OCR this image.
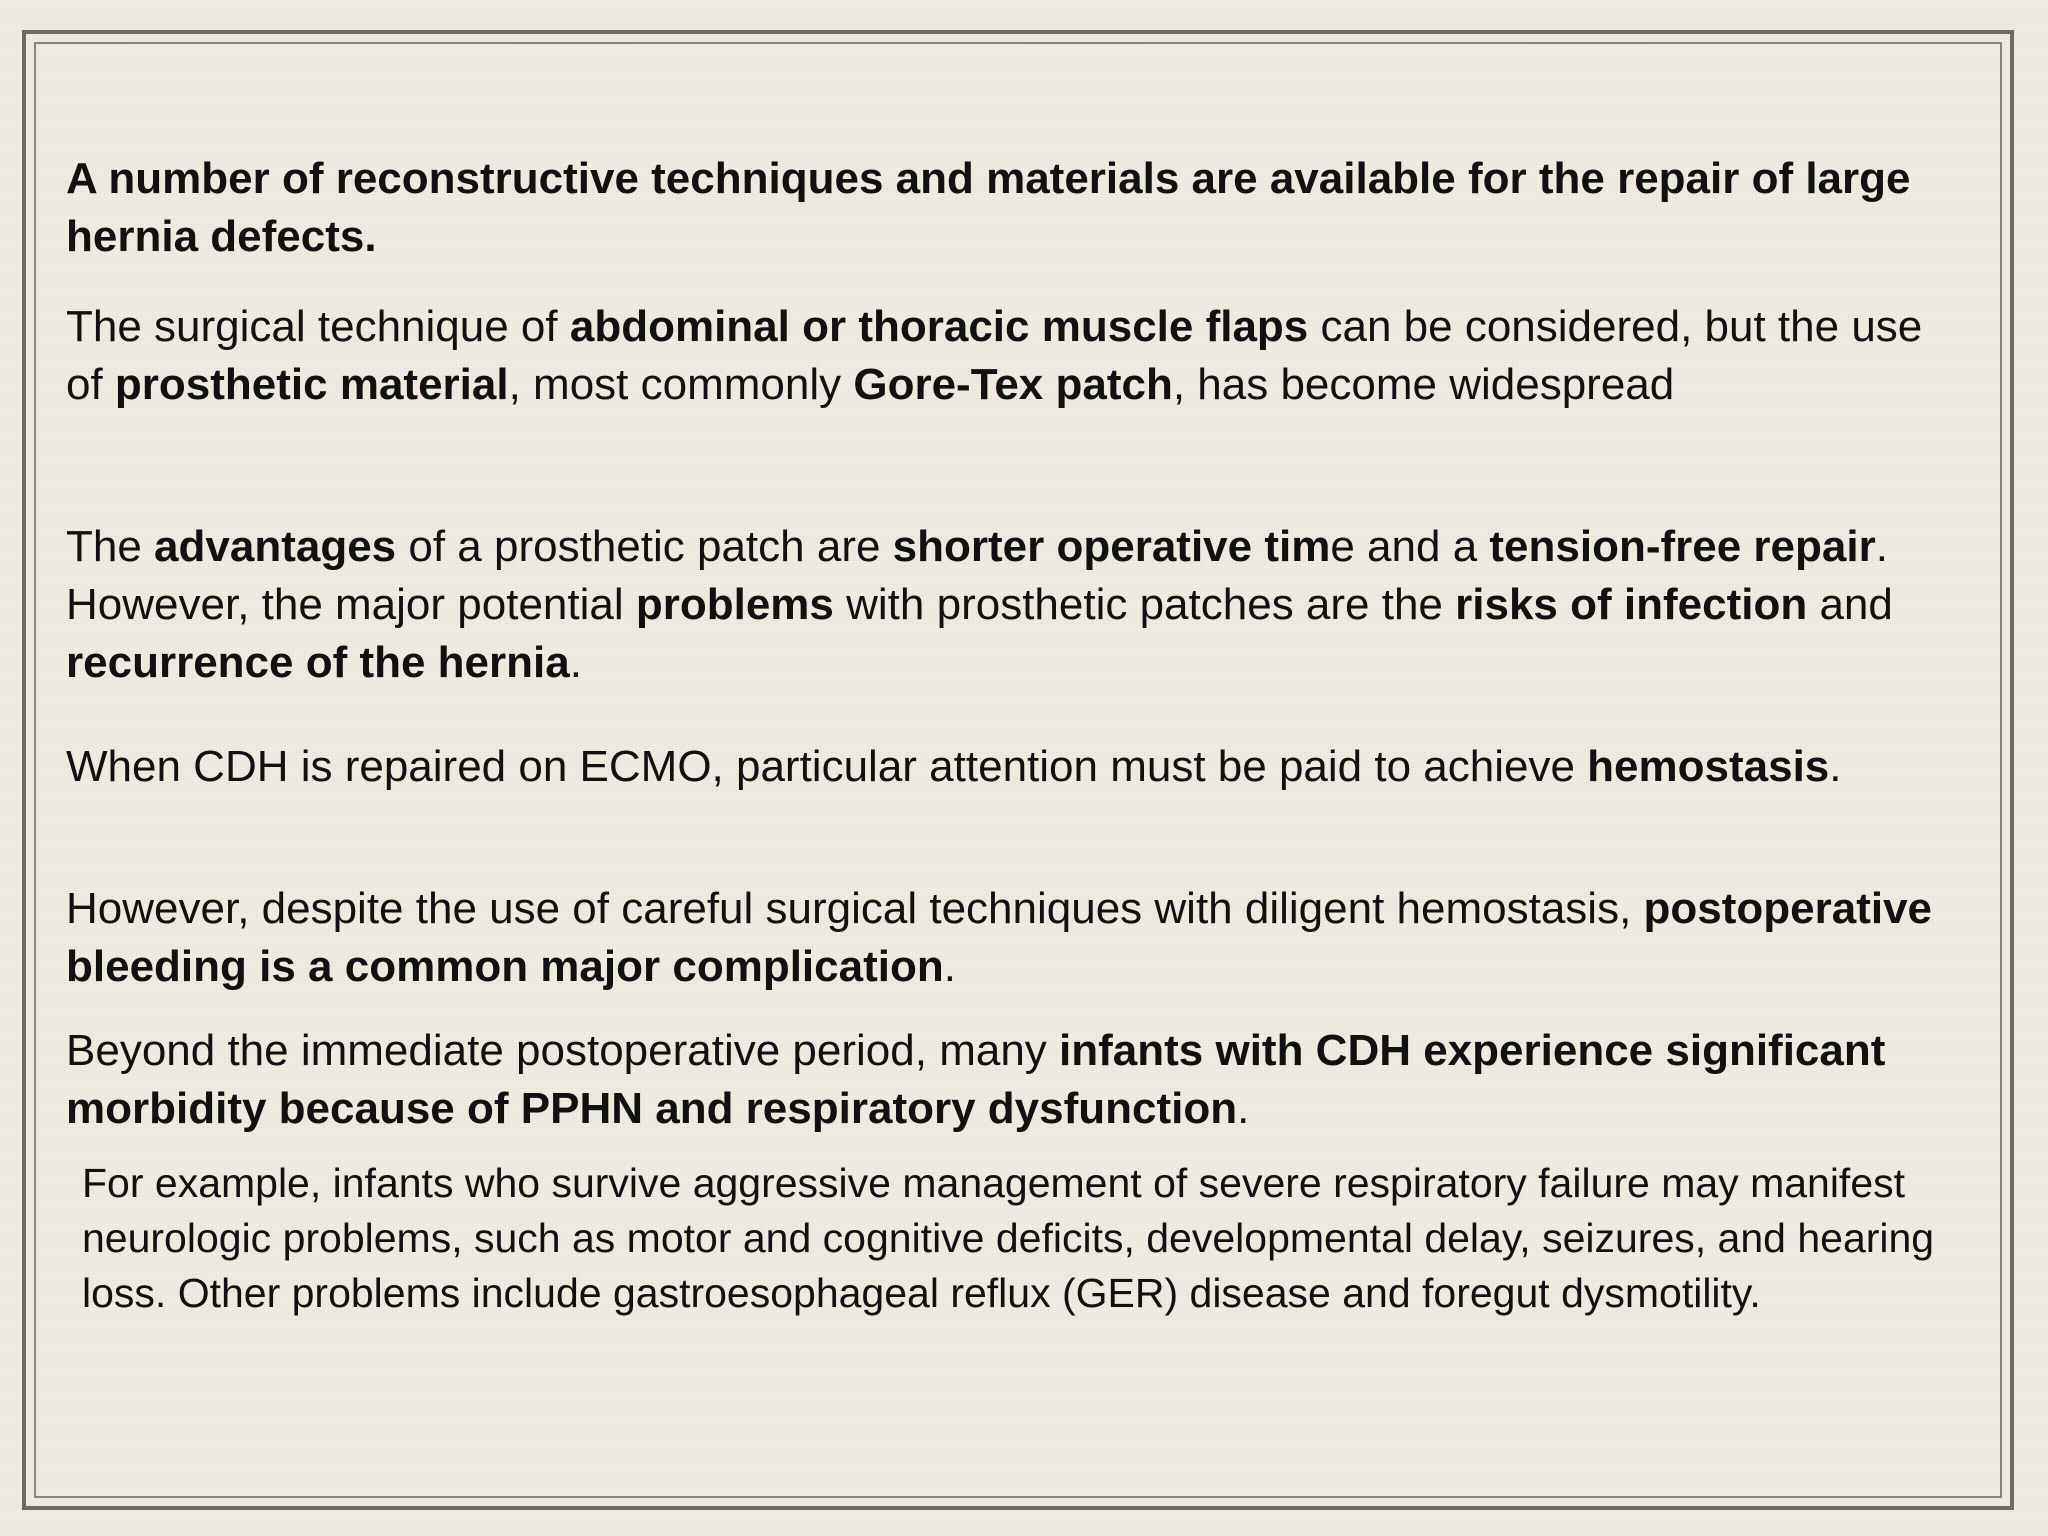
A number of reconstructive techniques and materials are available for the repair of large hernia defects.

The surgical technique of abdominal or thoracic muscle flaps can be considered, but the use of prosthetic material, most commonly Gore-Tex patch, has become widespread

The advantages of a prosthetic patch are shorter operative time and a tension-free repair. However, the major potential problems with prosthetic patches are the risks of infection and recurrence of the hernia.

When CDH is repaired on ECMO, particular attention must be paid to achieve hemostasis.

However, despite the use of careful surgical techniques with diligent hemostasis, postoperative bleeding is a common major complication.

Beyond the immediate postoperative period, many infants with CDH experience significant morbidity because of PPHN and respiratory dysfunction.

For example, infants who survive aggressive management of severe respiratory failure may manifest neurologic problems, such as motor and cognitive deficits, developmental delay, seizures, and hearing loss. Other problems include gastroesophageal reflux (GER) disease and foregut dysmotility.
